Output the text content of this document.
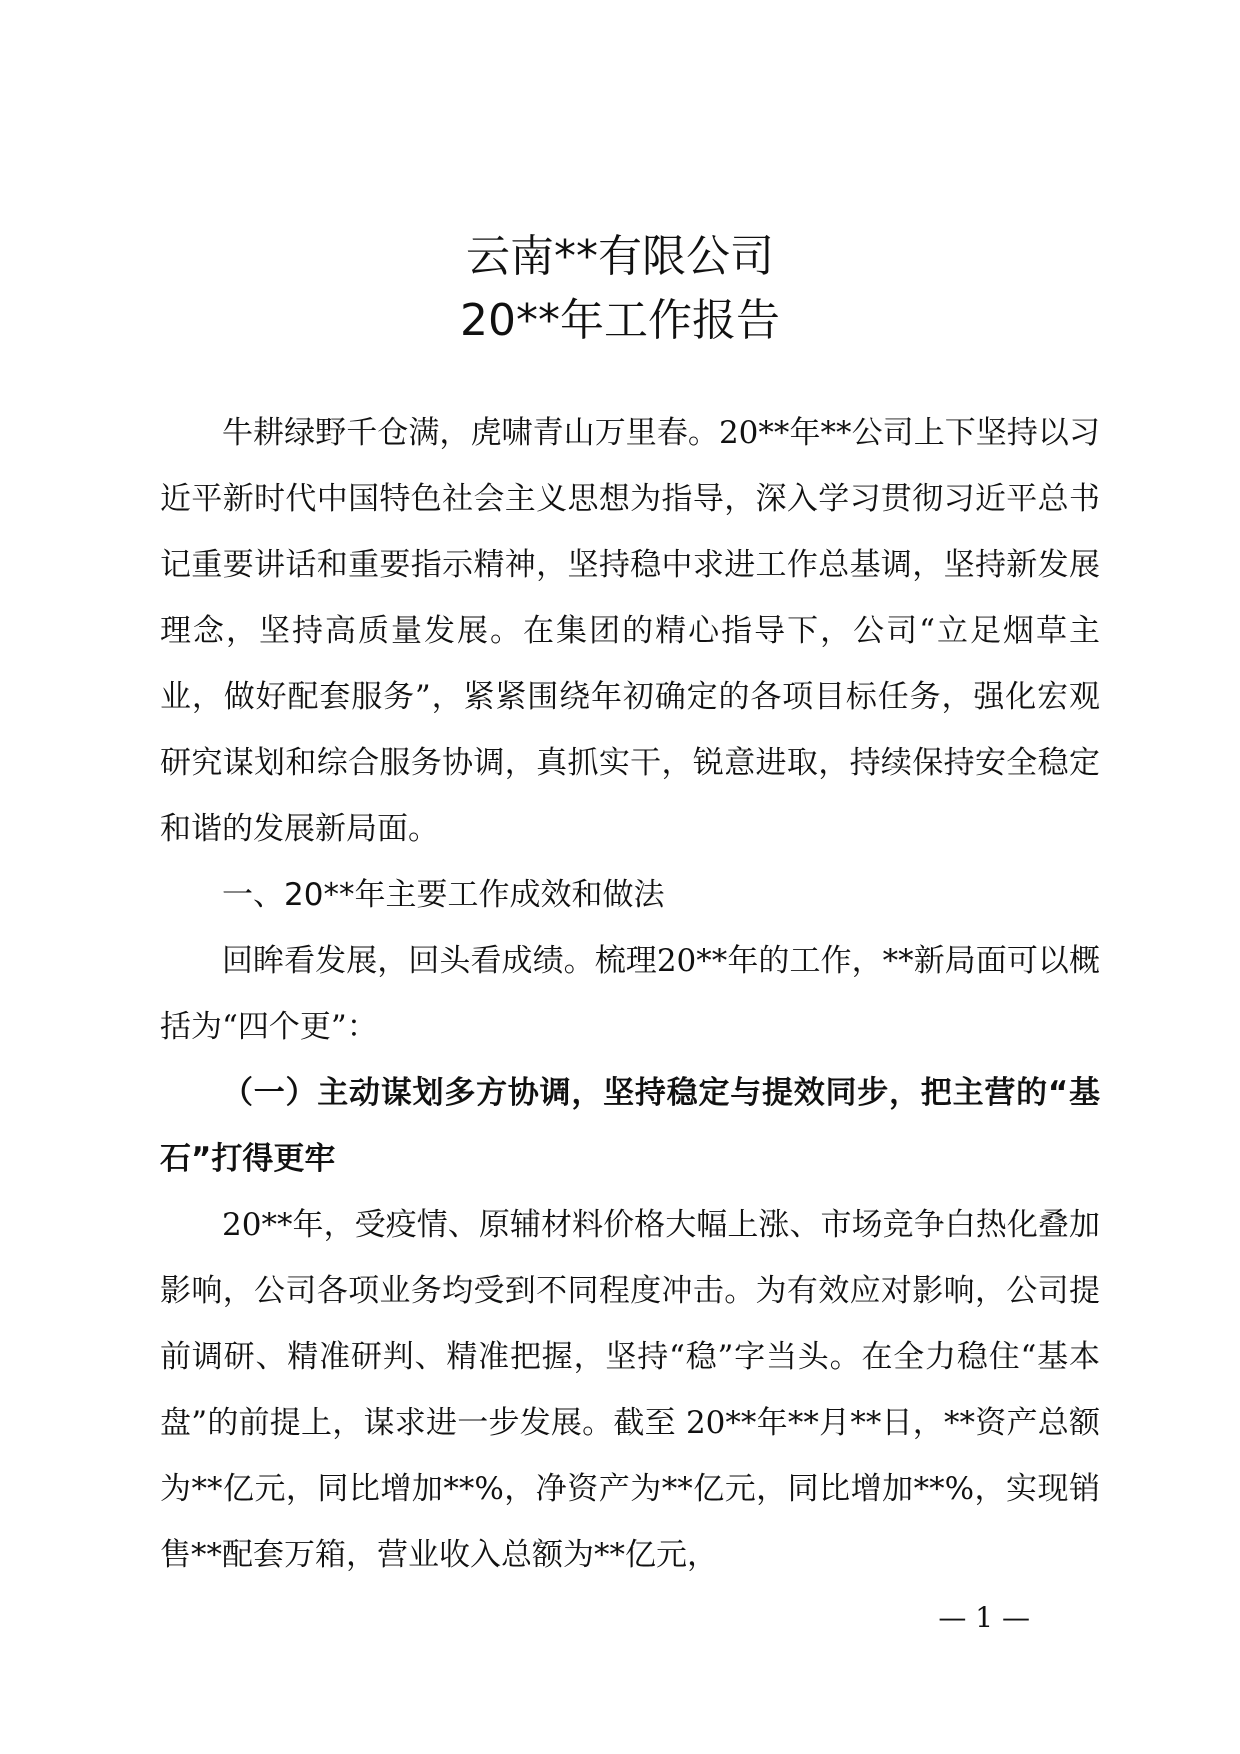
云南**有限公司
20**年工作报告

牛耕绿野千仓满，虎啸青山万里春。20**年**公司上下坚持以习近平新时代中国特色社会主义思想为指导，深入学习贯彻习近平总书记重要讲话和重要指示精神，坚持稳中求进工作总基调，坚持新发展理念，坚持高质量发展。在集团的精心指导下，公司“立足烟草主业，做好配套服务”，紧紧围绕年初确定的各项目标任务，强化宏观研究谋划和综合服务协调，真抓实干，锐意进取，持续保持安全稳定和谐的发展新局面。

一、20**年主要工作成效和做法

回眸看发展，回头看成绩。梳理20**年的工作，**新局面可以概括为“四个更”：

（一）主动谋划多方协调，坚持稳定与提效同步，把主营的“基石”打得更牢

20**年，受疫情、原辅材料价格大幅上涨、市场竞争白热化叠加影响，公司各项业务均受到不同程度冲击。为有效应对影响，公司提前调研、精准研判、精准把握，坚持“稳”字当头。在全力稳住“基本盘”的前提上，谋求进一步发展。截至 20**年**月**日，**资产总额为**亿元，同比增加**%，净资产为**亿元，同比增加**%，实现销售**配套万箱，营业收入总额为**亿元，

— 1 —
